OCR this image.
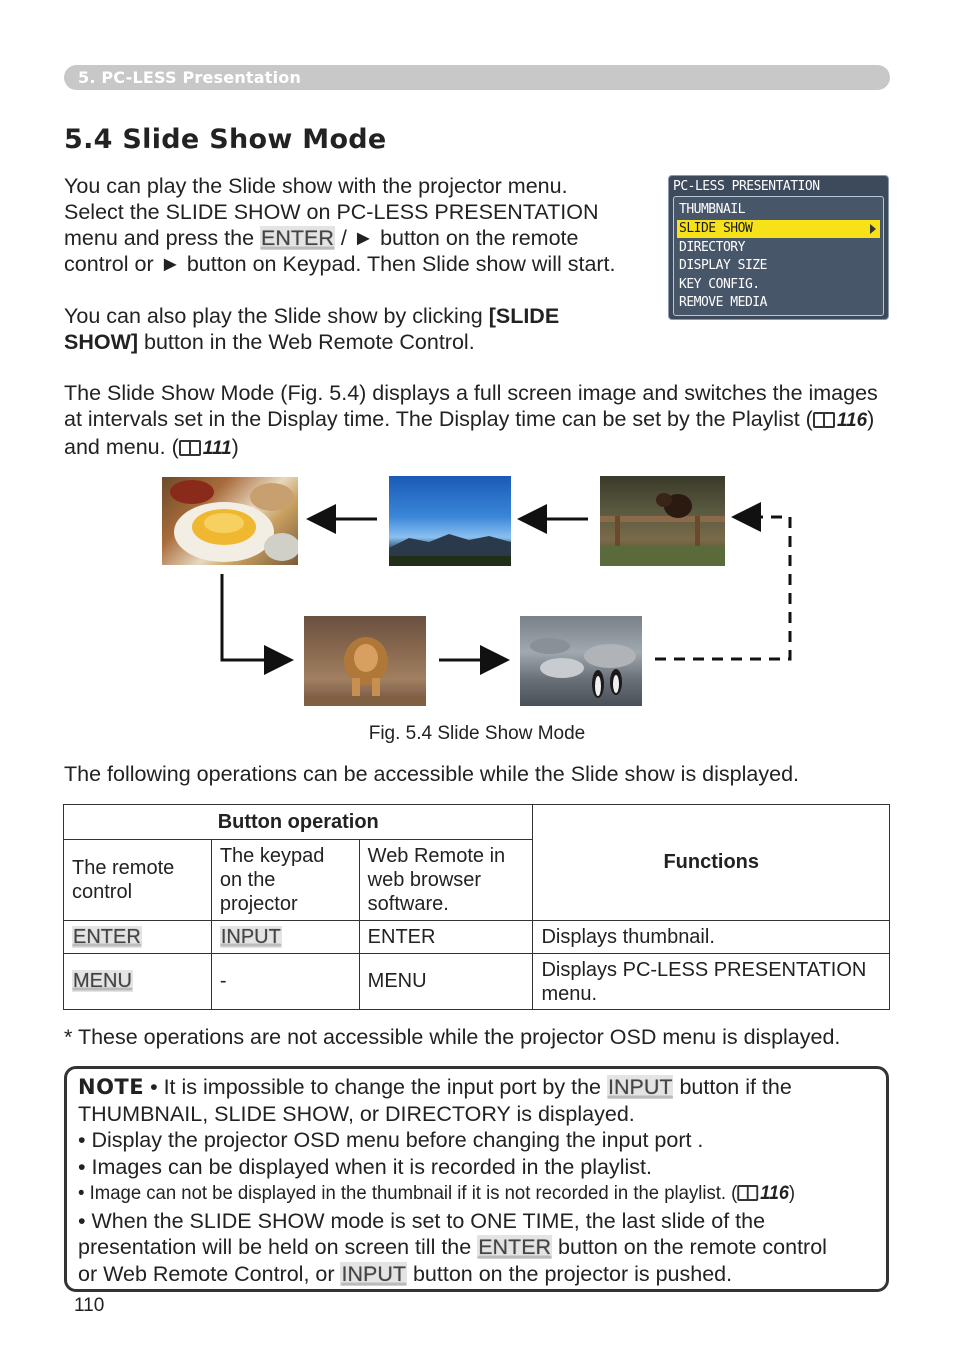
5. PC-LESS Presentation
5.4 Slide Show Mode
You can play the Slide show with the projector menu.
Select the SLIDE SHOW on PC-LESS PRESENTATION
menu and press the ENTER / ► button on the remote
control or ► button on Keypad. Then Slide show will start.
You can also play the Slide show by clicking [SLIDE
SHOW] button in the Web Remote Control.
PC-LESS PRESENTATION
THUMBNAIL
SLIDE SHOW
DIRECTORY
DISPLAY SIZE
KEY CONFIG.
REMOVE MEDIA
The Slide Show Mode (Fig. 5.4) displays a full screen image and switches the images
at intervals set in the Display time. The Display time can be set by the Playlist ( 116)
and menu. ( 111)
Fig. 5.4 Slide Show Mode
The following operations can be accessible while the Slide show is displayed.
Button operation			Functions
The remote control	The keypad on the projector	Web Remote in web browser software.	
ENTER	INPUT	ENTER	Displays thumbnail.
MENU	-	MENU	Displays PC-LESS PRESENTATION menu.
* These operations are not accessible while the projector OSD menu is displayed.
NOTE • It is impossible to change the input port by the INPUT button if the
THUMBNAIL, SLIDE SHOW, or DIRECTORY is displayed.
• Display the projector OSD menu before changing the input port .
• Images can be displayed when it is recorded in the playlist.
• Image can not be displayed in the thumbnail if it is not recorded in the playlist. ( 116)
• When the SLIDE SHOW mode is set to ONE TIME, the last slide of the
presentation will be held on screen till the ENTER button on the remote control
or Web Remote Control, or INPUT button on the projector is pushed.
110
